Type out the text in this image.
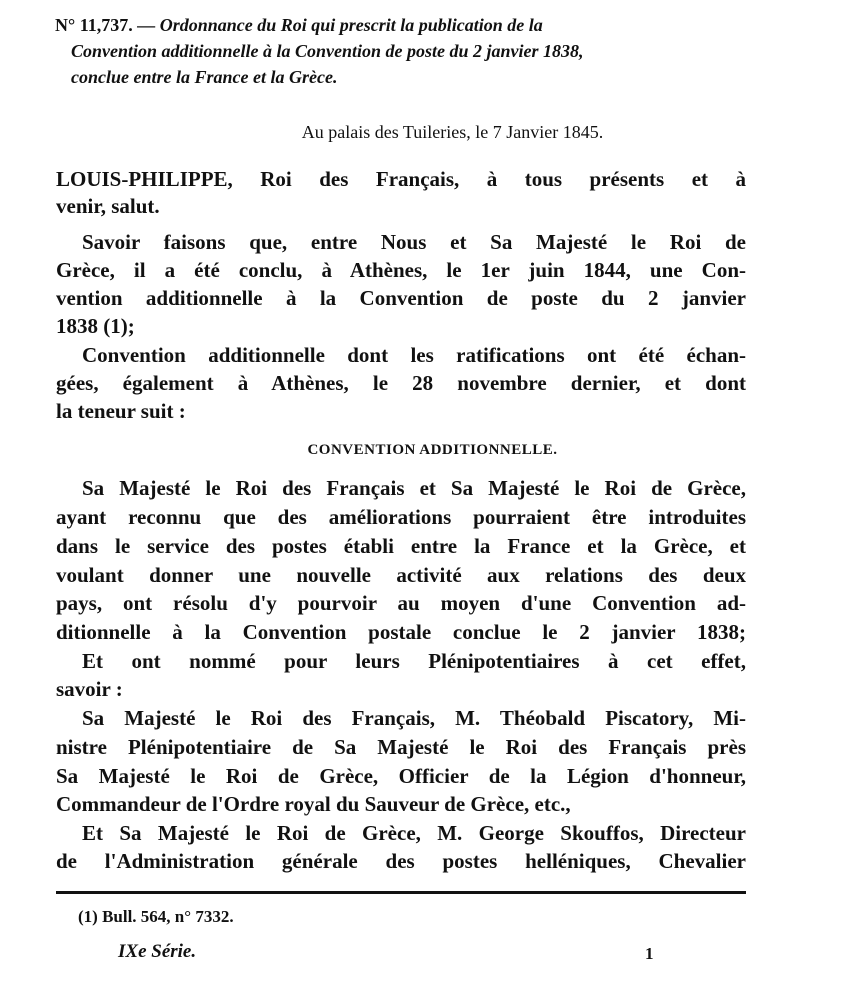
N° 11,737. — Ordonnance du Roi qui prescrit la publication de la
Convention additionnelle à la Convention de poste du 2 janvier 1838,
conclue entre la France et la Grèce.
Au palais des Tuileries, le 7 Janvier 1845.
LOUIS-PHILIPPE, Roi des Français, à tous présents et à
venir, salut.
Savoir faisons que, entre Nous et Sa Majesté le Roi de
Grèce, il a été conclu, à Athènes, le 1er juin 1844, une Con-
vention additionnelle à la Convention de poste du 2 janvier
1838 (1);
Convention additionnelle dont les ratifications ont été échan-
gées, également à Athènes, le 28 novembre dernier, et dont
la teneur suit :
CONVENTION ADDITIONNELLE.
Sa Majesté le Roi des Français et Sa Majesté le Roi de Grèce,
ayant reconnu que des améliorations pourraient être introduites
dans le service des postes établi entre la France et la Grèce, et
voulant donner une nouvelle activité aux relations des deux
pays, ont résolu d'y pourvoir au moyen d'une Convention ad-
ditionnelle à la Convention postale conclue le 2 janvier 1838;
Et ont nommé pour leurs Plénipotentiaires à cet effet,
savoir :
Sa Majesté le Roi des Français, M. Théobald Piscatory, Mi-
nistre Plénipotentiaire de Sa Majesté le Roi des Français près
Sa Majesté le Roi de Grèce, Officier de la Légion d'honneur,
Commandeur de l'Ordre royal du Sauveur de Grèce, etc.,
Et Sa Majesté le Roi de Grèce, M. George Skouffos, Directeur
de l'Administration générale des postes helléniques, Chevalier
(1) Bull. 564, n° 7332.
IXe Série.	1
